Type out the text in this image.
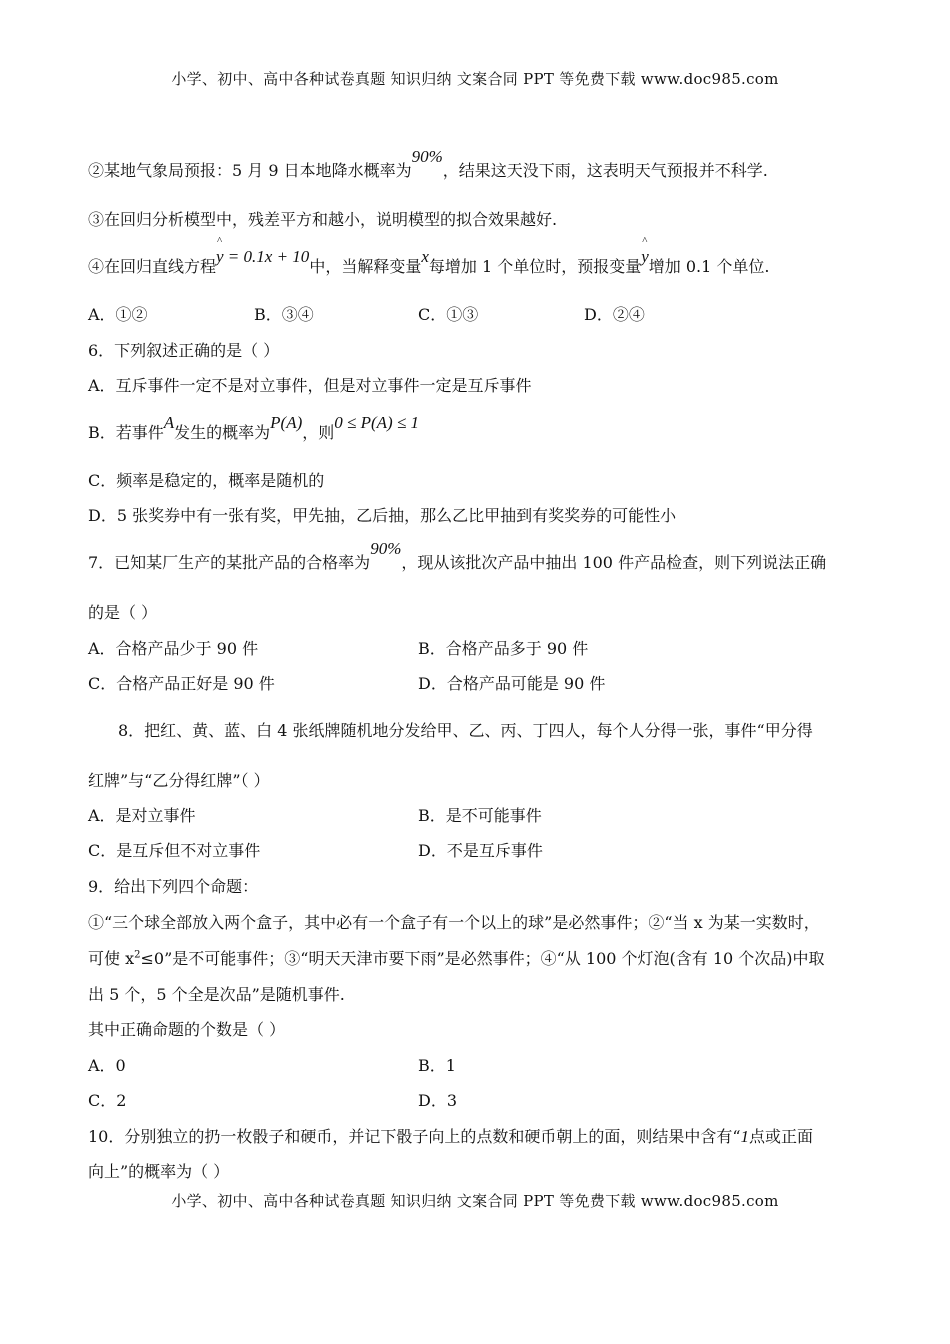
小学、初中、高中各种试卷真题 知识归纳 文案合同 PPT 等免费下载 www.doc985.com
②某地气象局预报：5 月 9 日本地降水概率为90%，结果这天没下雨，这表明天气预报并不科学.
③在回归分析模型中，残差平方和越小，说明模型的拟合效果越好.
④在回归直线方程^ y = 0.1x + 10中，当解释变量x每增加 1 个单位时，预报变量^ y增加 0.1 个单位.
A．①②	B．③④	C．①③	D．②④
6．下列叙述正确的是（ ）
A．互斥事件一定不是对立事件，但是对立事件一定是互斥事件
B．若事件A发生的概率为P(A)，则0 ≤ P(A) ≤ 1
C．频率是稳定的，概率是随机的
D．5 张奖券中有一张有奖，甲先抽，乙后抽，那么乙比甲抽到有奖奖券的可能性小
7．已知某厂生产的某批产品的合格率为90%，现从该批次产品中抽出 100 件产品检查，则下列说法正确
的是（ ）
A．合格产品少于 90 件	B．合格产品多于 90 件
C．合格产品正好是 90 件	D．合格产品可能是 90 件
8．把红、黄、蓝、白 4 张纸牌随机地分发给甲、乙、丙、丁四人，每个人分得一张，事件“甲分得
红牌”与“乙分得红牌”（ ）
A．是对立事件	B．是不可能事件
C．是互斥但不对立事件	D．不是互斥事件
9．给出下列四个命题：
①“三个球全部放入两个盒子，其中必有一个盒子有一个以上的球”是必然事件；②“当 x 为某一实数时，
可使 $x^2\le 0$”是不可能事件；③“明天天津市要下雨”是必然事件；④“从 100 个灯泡(含有 10 个次品)中取
出 5 个，5 个全是次品”是随机事件.
其中正确命题的个数是（ ）
A．0	B．1
C．2	D．3
10．分别独立的扔一枚骰子和硬币，并记下骰子向上的点数和硬币朝上的面，则结果中含有“1点或正面
向上”的概率为（ ）
小学、初中、高中各种试卷真题 知识归纳 文案合同 PPT 等免费下载 www.doc985.com
